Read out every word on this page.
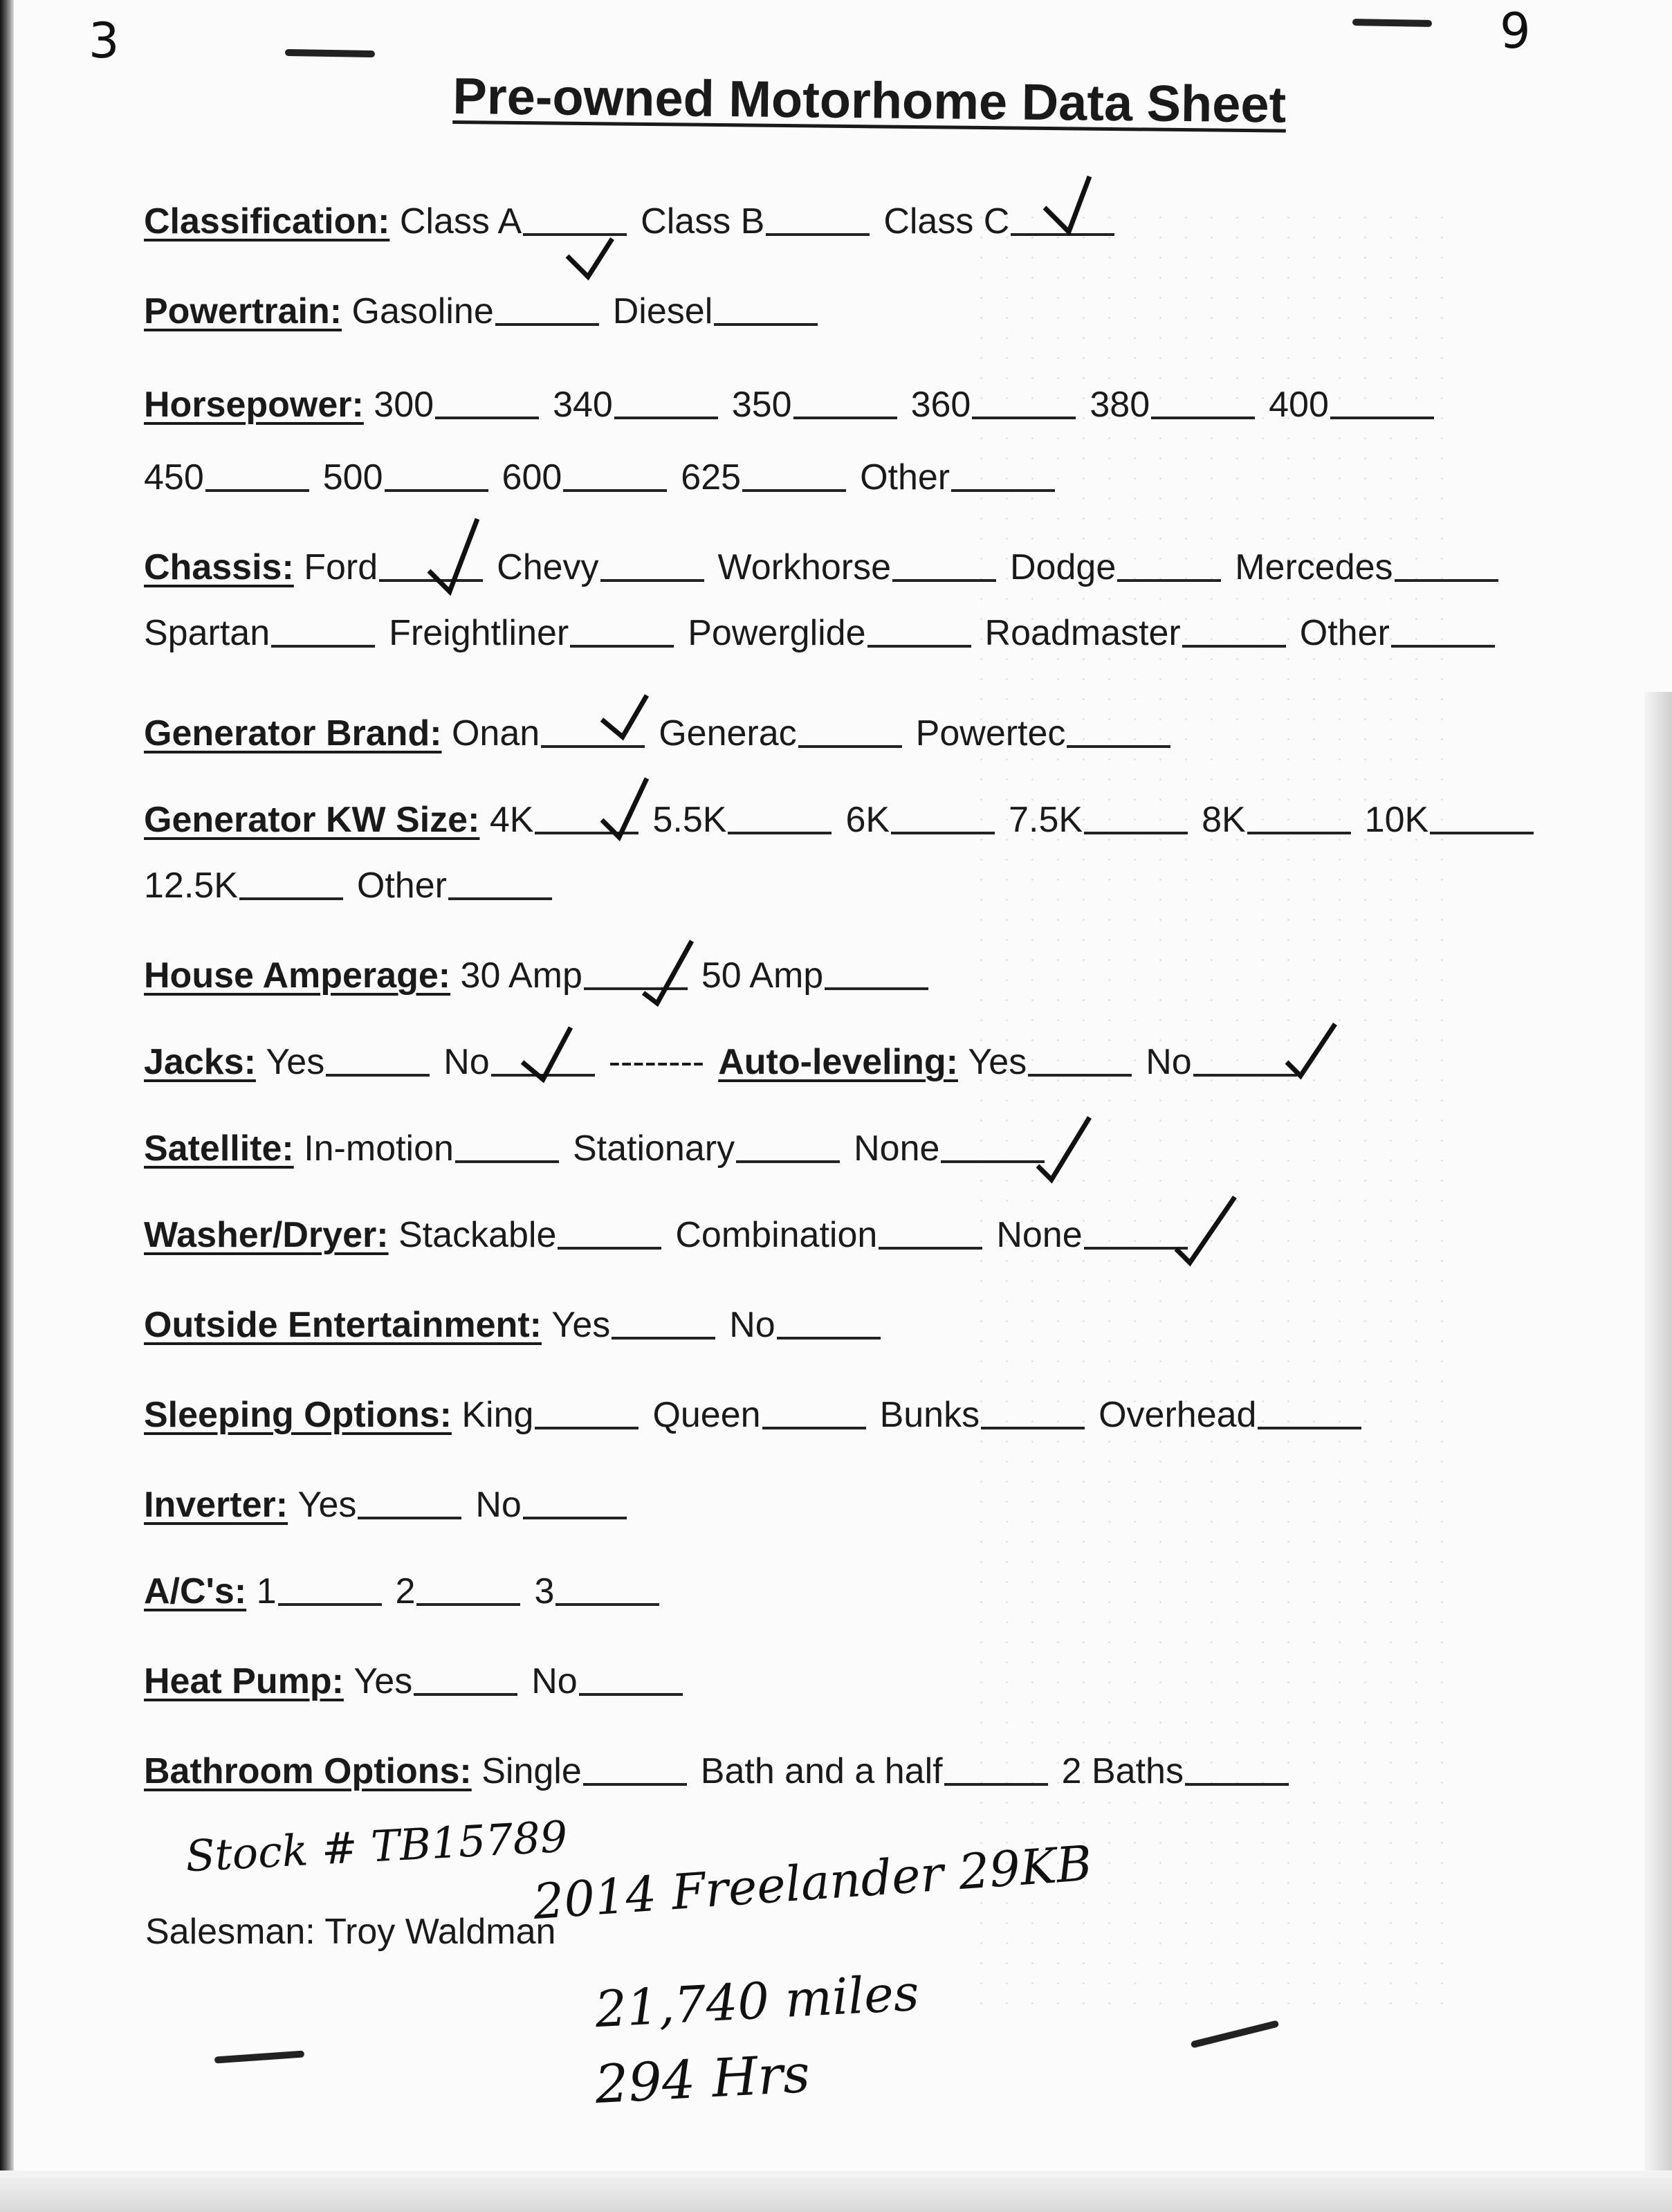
3	9
Pre-owned Motorhome Data Sheet
Classification: Class A	Class B	Class C
Powertrain: Gasoline	Diesel
Horsepower: 300	340	350	360	380	400
450	500	600	625	Other
Chassis: Ford	Chevy	Workhorse	Dodge	Mercedes
Spartan	Freightliner	Powerglide	Roadmaster	Other
Generator Brand: Onan	Generac	Powertec
Generator KW Size: 4K	5.5K	6K	7.5K	8K	10K
12.5K	Other
House Amperage: 30 Amp	50 Amp
Jacks: Yes	No	-------- Auto-leveling: Yes	No
Satellite: In-motion	Stationary	None
Washer/Dryer: Stackable	Combination	None
Outside Entertainment: Yes	No
Sleeping Options: King	Queen	Bunks	Overhead
Inverter: Yes	No
A/C's: 1	2	3
Heat Pump: Yes	No
Bathroom Options: Single	Bath and a half	2 Baths
Stock # TB15789
2014 Freelander 29KB
21,740 miles
294 Hrs
Salesman: Troy Waldman
